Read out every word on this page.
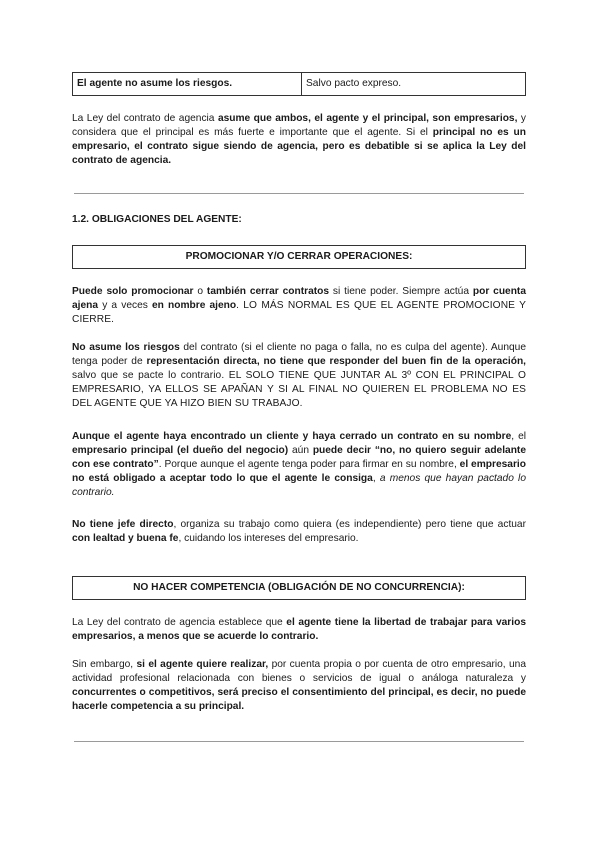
El agente no asume los riesgos.	Salvo pacto expreso.

La Ley del contrato de agencia asume que ambos, el agente y el principal, son empresarios, y considera que el principal es más fuerte e importante que el agente. Si el principal no es un empresario, el contrato sigue siendo de agencia, pero es debatible si se aplica la Ley del contrato de agencia.

1.2. OBLIGACIONES DEL AGENTE:
PROMOCIONAR Y/O CERRAR OPERACIONES:

Puede solo promocionar o también cerrar contratos si tiene poder. Siempre actúa por cuenta ajena y a veces en nombre ajeno. LO MÁS NORMAL ES QUE EL AGENTE PROMOCIONE Y CIERRE.

No asume los riesgos del contrato (si el cliente no paga o falla, no es culpa del agente). Aunque tenga poder de representación directa, no tiene que responder del buen fin de la operación, salvo que se pacte lo contrario. EL SOLO TIENE QUE JUNTAR AL 3º CON EL PRINCIPAL O EMPRESARIO, YA ELLOS SE APAÑAN Y SI AL FINAL NO QUIEREN EL PROBLEMA NO ES DEL AGENTE QUE YA HIZO BIEN SU TRABAJO.

Aunque el agente haya encontrado un cliente y haya cerrado un contrato en su nombre, el empresario principal (el dueño del negocio) aún puede decir “no, no quiero seguir adelante con ese contrato”. Porque aunque el agente tenga poder para firmar en su nombre, el empresario no está obligado a aceptar todo lo que el agente le consiga, a menos que hayan pactado lo contrario.

No tiene jefe directo, organiza su trabajo como quiera (es independiente) pero tiene que actuar con lealtad y buena fe, cuidando los intereses del empresario.

NO HACER COMPETENCIA (OBLIGACIÓN DE NO CONCURRENCIA):

La Ley del contrato de agencia establece que el agente tiene la libertad de trabajar para varios empresarios, a menos que se acuerde lo contrario.

Sin embargo, si el agente quiere realizar, por cuenta propia o por cuenta de otro empresario, una actividad profesional relacionada con bienes o servicios de igual o análoga naturaleza y concurrentes o competitivos, será preciso el consentimiento del principal, es decir, no puede hacerle competencia a su principal.
